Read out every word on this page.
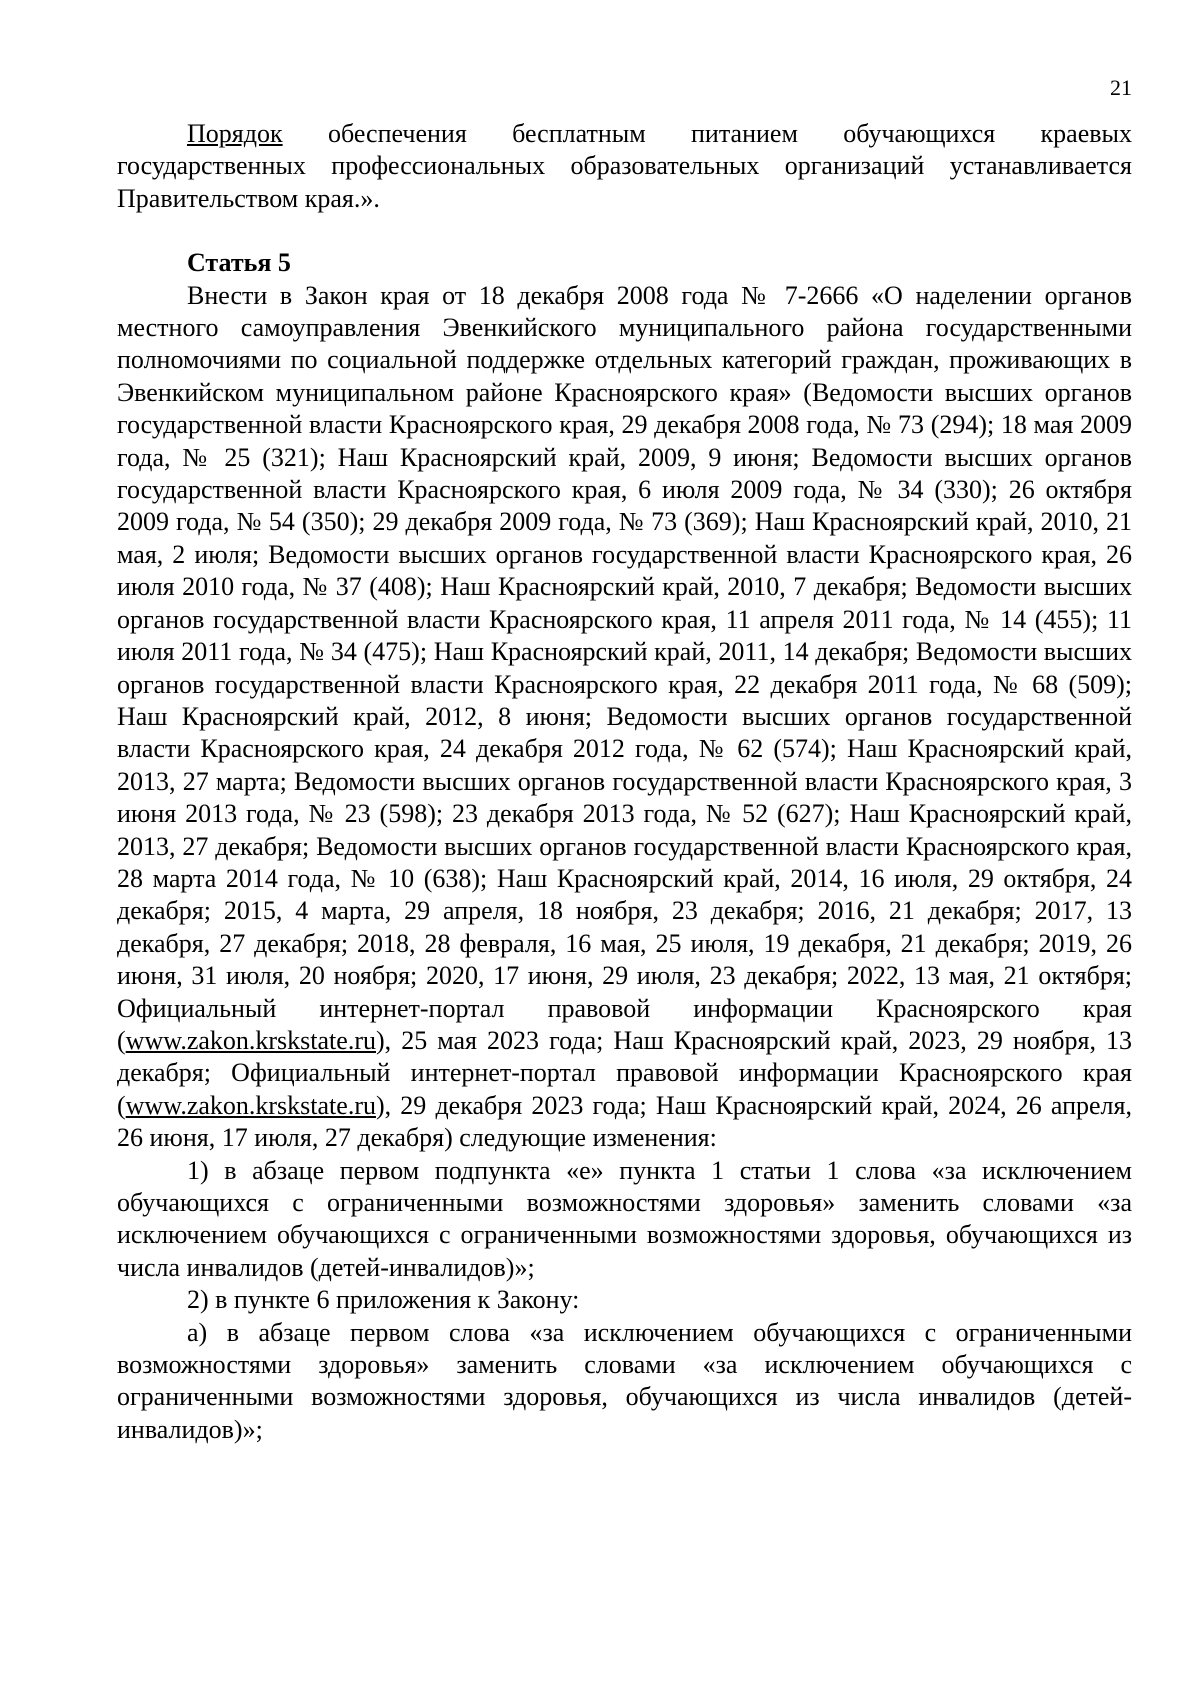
21

Порядок обеспечения бесплатным питанием обучающихся краевых государственных профессиональных образовательных организаций устанавливается Правительством края.».

Статья 5

Внести в Закон края от 18 декабря 2008 года № 7-2666 «О наделении органов местного самоуправления Эвенкийского муниципального района государственными полномочиями по социальной поддержке отдельных категорий граждан, проживающих в Эвенкийском муниципальном районе Красноярского края» (Ведомости высших органов государственной власти Красноярского края, 29 декабря 2008 года, № 73 (294); 18 мая 2009 года, № 25 (321); Наш Красноярский край, 2009, 9 июня; Ведомости высших органов государственной власти Красноярского края, 6 июля 2009 года, № 34 (330); 26 октября 2009 года, № 54 (350); 29 декабря 2009 года, № 73 (369); Наш Красноярский край, 2010, 21 мая, 2 июля; Ведомости высших органов государственной власти Красноярского края, 26 июля 2010 года, № 37 (408); Наш Красноярский край, 2010, 7 декабря; Ведомости высших органов государственной власти Красноярского края, 11 апреля 2011 года, № 14 (455); 11 июля 2011 года, № 34 (475); Наш Красноярский край, 2011, 14 декабря; Ведомости высших органов государственной власти Красноярского края, 22 декабря 2011 года, № 68 (509); Наш Красноярский край, 2012, 8 июня; Ведомости высших органов государственной власти Красноярского края, 24 декабря 2012 года, № 62 (574); Наш Красноярский край, 2013, 27 марта; Ведомости высших органов государственной власти Красноярского края, 3 июня 2013 года, № 23 (598); 23 декабря 2013 года, № 52 (627); Наш Красноярский край, 2013, 27 декабря; Ведомости высших органов государственной власти Красноярского края, 28 марта 2014 года, № 10 (638); Наш Красноярский край, 2014, 16 июля, 29 октября, 24 декабря; 2015, 4 марта, 29 апреля, 18 ноября, 23 декабря; 2016, 21 декабря; 2017, 13 декабря, 27 декабря; 2018, 28 февраля, 16 мая, 25 июля, 19 декабря, 21 декабря; 2019, 26 июня, 31 июля, 20 ноября; 2020, 17 июня, 29 июля, 23 декабря; 2022, 13 мая, 21 октября; Официальный интернет-портал правовой информации Красноярского края (www.zakon.krskstate.ru), 25 мая 2023 года; Наш Красноярский край, 2023, 29 ноября, 13 декабря; Официальный интернет-портал правовой информации Красноярского края (www.zakon.krskstate.ru), 29 декабря 2023 года; Наш Красноярский край, 2024, 26 апреля, 26 июня, 17 июля, 27 декабря) следующие изменения:

1) в абзаце первом подпункта «е» пункта 1 статьи 1 слова «за исключением обучающихся с ограниченными возможностями здоровья» заменить словами «за исключением обучающихся с ограниченными возможностями здоровья, обучающихся из числа инвалидов (детей-инвалидов)»;

2) в пункте 6 приложения к Закону:

а) в абзаце первом слова «за исключением обучающихся с ограниченными возможностями здоровья» заменить словами «за исключением обучающихся с ограниченными возможностями здоровья, обучающихся из числа инвалидов (детей-инвалидов)»;
